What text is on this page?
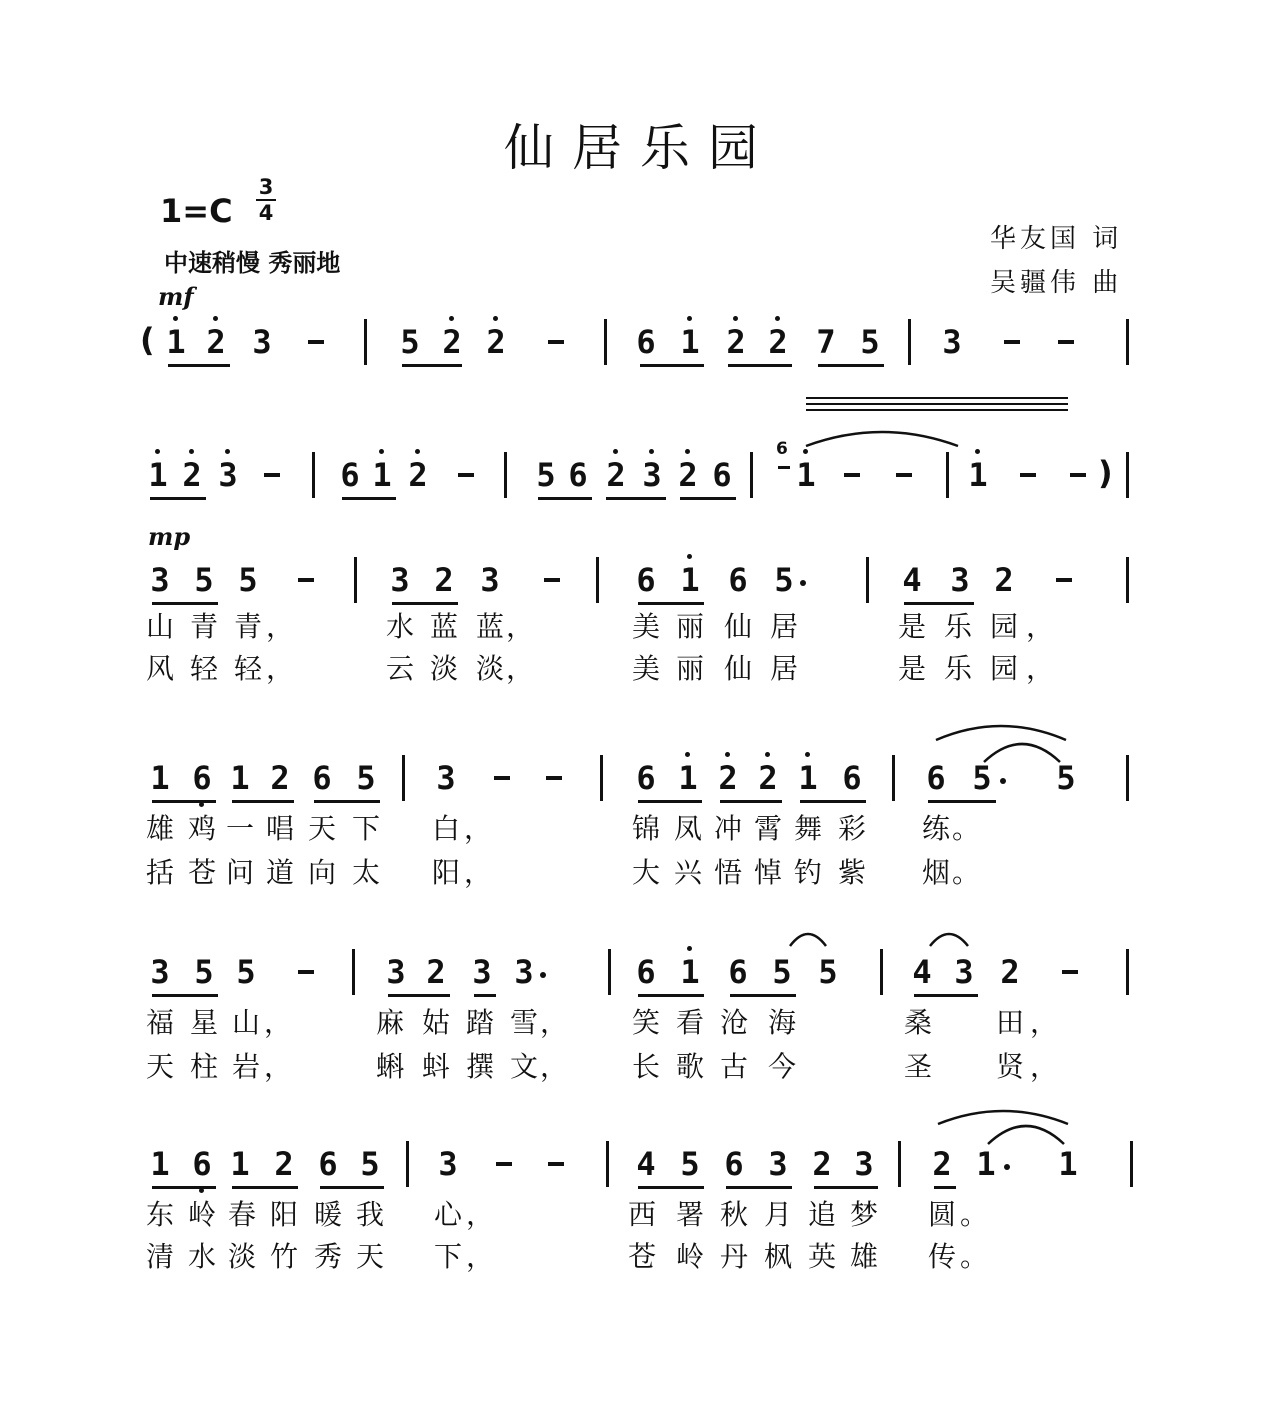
仙居乐园
1=C
3
4
中速稍慢 秀丽地
华友国 词
吴疆伟 曲
mf
mp
1 2 3	5 2 2	6 1 2 2 7 5 3
1 2 3	6 1 2	5 6 2 3 2 6 1	1
3 5 5	3 2 3	6 1 6 5	4 3 2
山 青 青	水 蓝 蓝	美 丽 仙 居	是 乐 园
风 轻 轻	云 淡 淡	美 丽 仙 居	是 乐 园
，
，
，
，
，
，
1 6 1 2 6 5 3	6 1 2 2 1 6 6 5 5
雄 鸡 一 唱 天 下 白	锦 凤 冲 霄 舞 彩 练
括 苍 问 道 向 太 阳	大 兴 悟 悼 钓 紫 烟
，
，
。
。
3 5 5	3 2 3 3	6 1 6 5 5 4 3 2
福 星 山	麻 姑 踏 雪	笑 看 沧 海	桑 田
天 柱 岩	蝌 蚪 撰 文	长 歌 古 今	圣 贤
，
，
，
，
，
，
1 6 1 2 6 5 3	4 5 6 3 2 3 2 1 1
东 岭 春 阳 暖 我 心	西 署 秋 月 追 梦 圆
清 水 淡 竹 秀 天 下	苍 岭 丹 枫 英 雄 传
，
，
。
。
(
)
6
